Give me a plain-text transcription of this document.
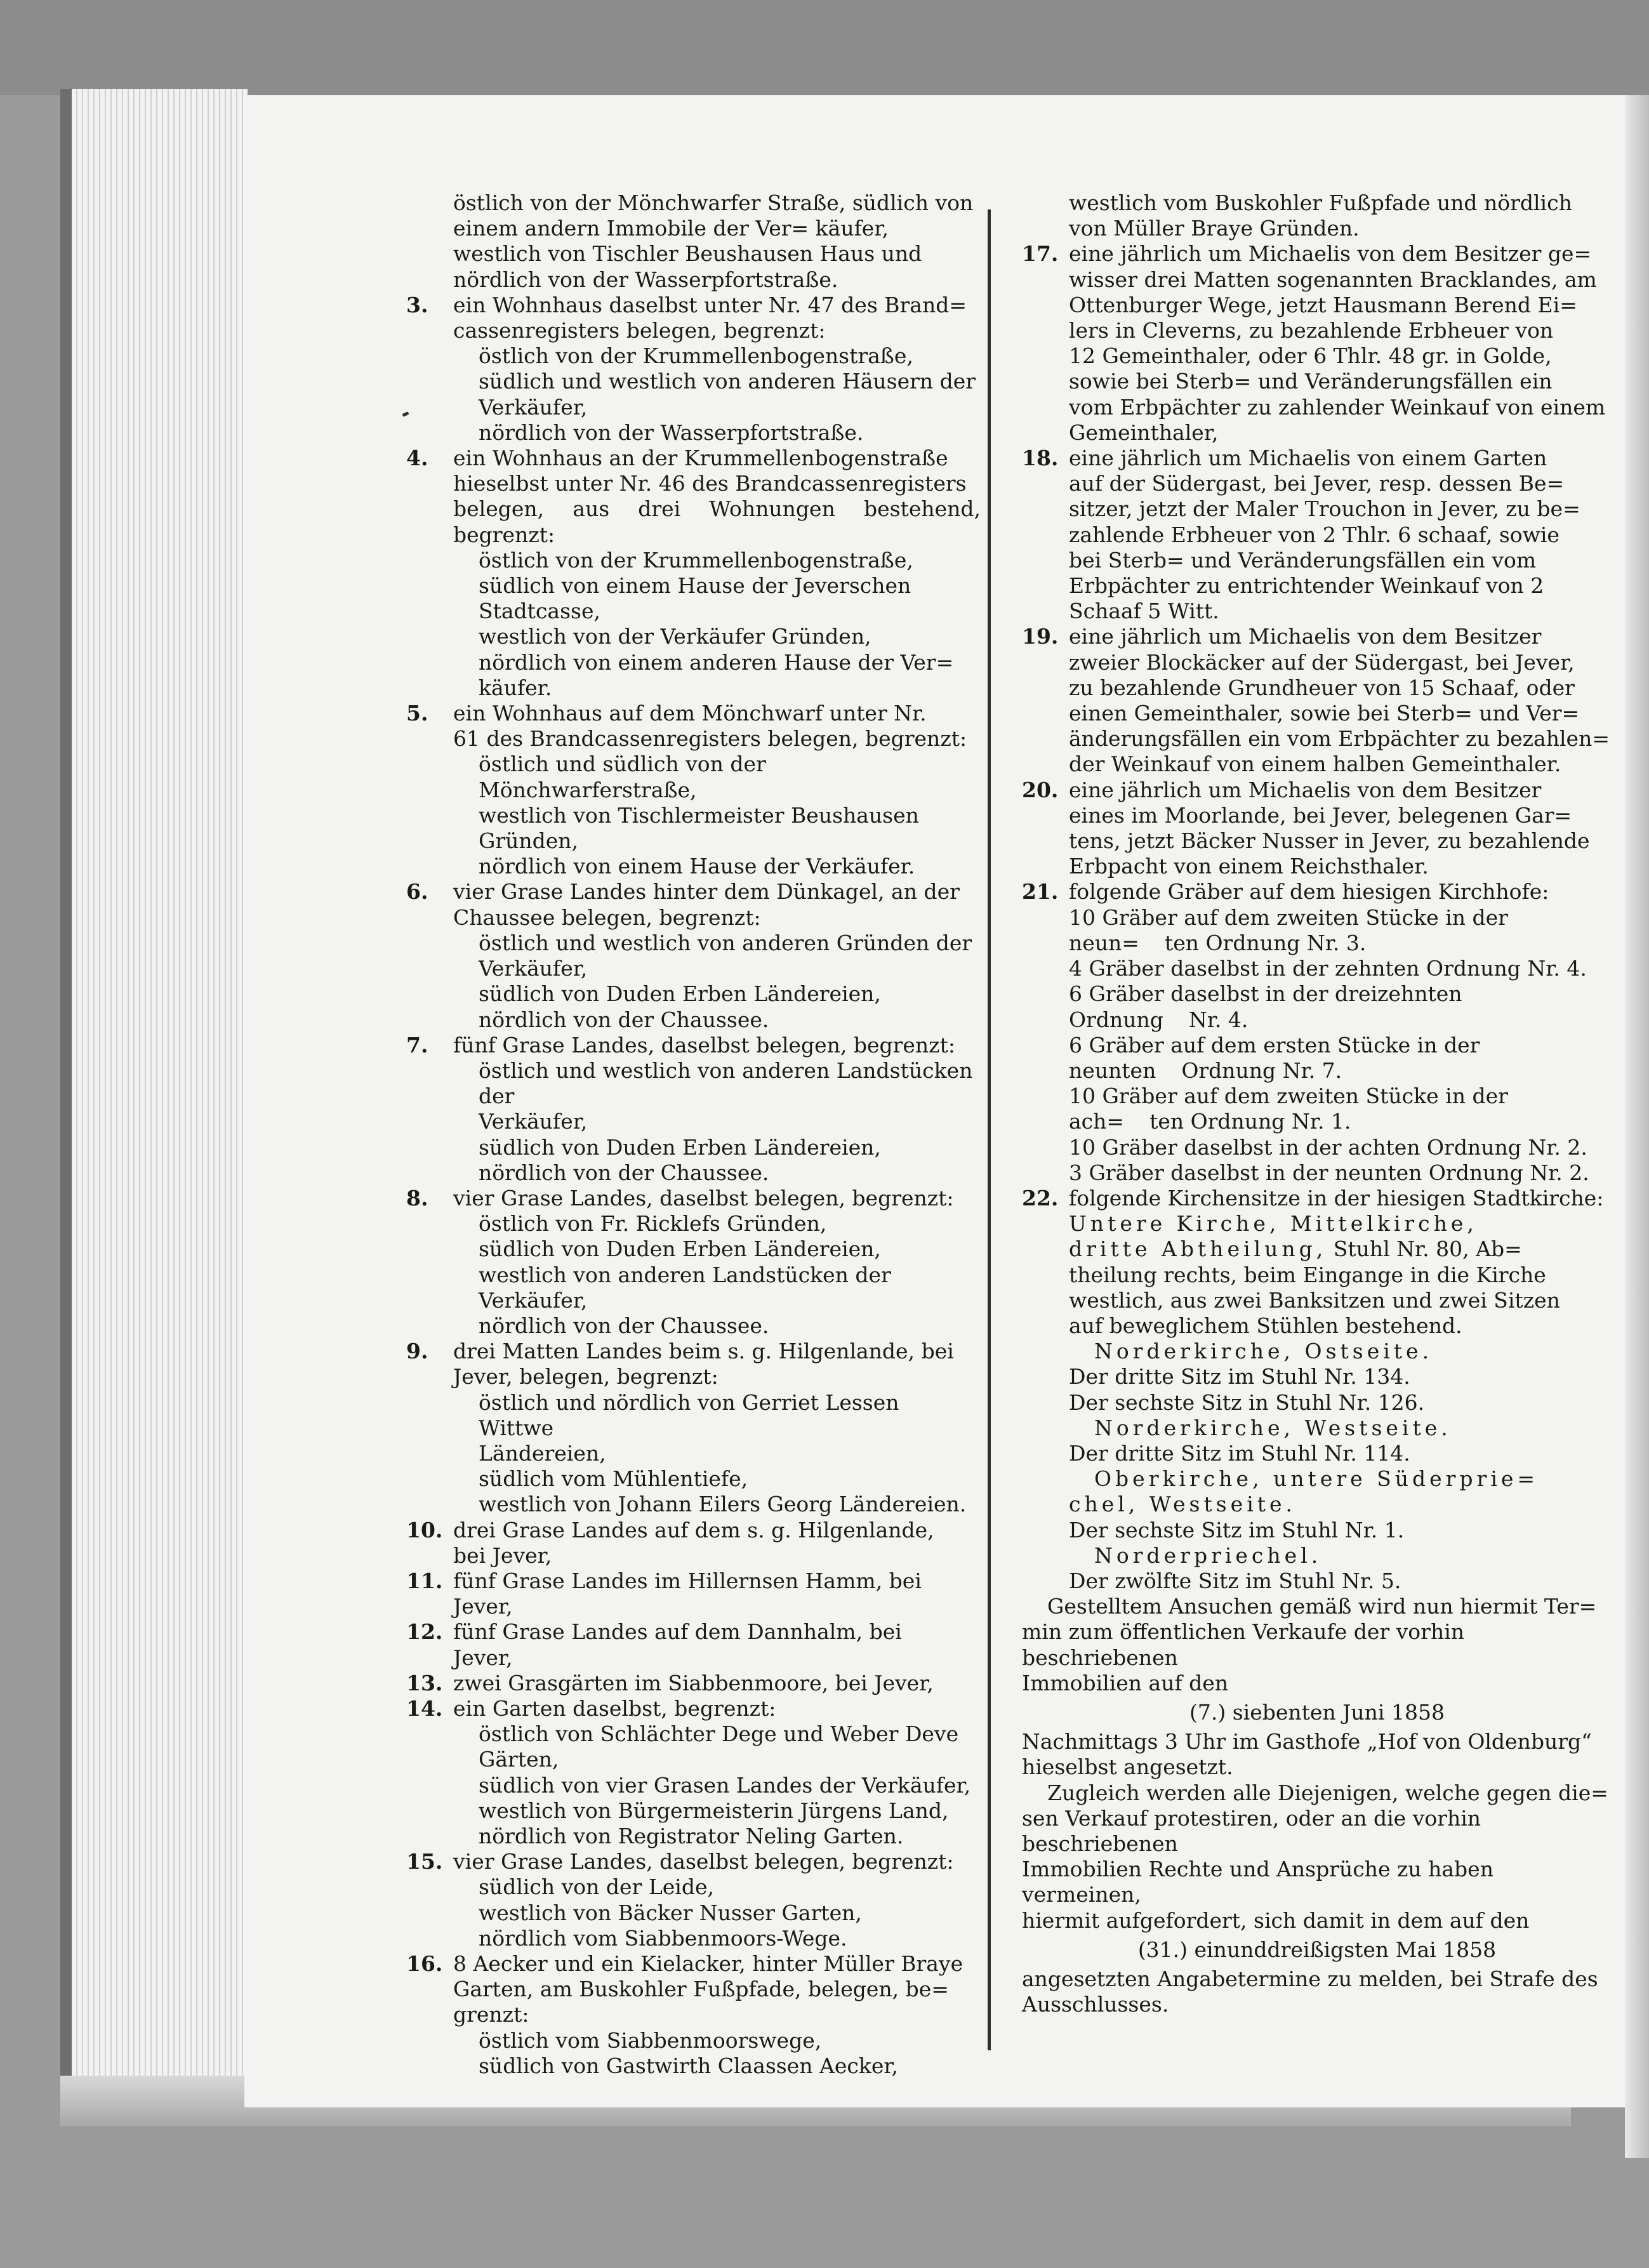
östlich von der Mönchwarfer Straße, südlich von einem andern Immobile der Ver= käufer, westlich von Tischler Beushausen Haus und nördlich von der Wasserpfortstraße.
3. ein Wohnhaus daselbst unter Nr. 47 des Brand=
cassenregisters belegen, begrenzt:
östlich von der Krummellenbogenstraße,
südlich und westlich von anderen Häusern der
Verkäufer,
nördlich von der Wasserpfortstraße.
4. ein Wohnhaus an der Krummellenbogenstraße
hieselbst unter Nr. 46 des Brandcassenregisters
belegen, aus drei Wohnungen bestehend, begrenzt:
östlich von der Krummellenbogenstraße,
südlich von einem Hause der Jeverschen
Stadtcasse,
westlich von der Verkäufer Gründen,
nördlich von einem anderen Hause der Ver=
käufer.
5. ein Wohnhaus auf dem Mönchwarf unter Nr.
61 des Brandcassenregisters belegen, begrenzt:
östlich und südlich von der Mönchwarferstraße,
westlich von Tischlermeister Beushausen Gründen,
nördlich von einem Hause der Verkäufer.
6. vier Grase Landes hinter dem Dünkagel, an der
Chaussee belegen, begrenzt:
östlich und westlich von anderen Gründen der
Verkäufer,
südlich von Duden Erben Ländereien,
nördlich von der Chaussee.
7. fünf Grase Landes, daselbst belegen, begrenzt:
östlich und westlich von anderen Landstücken der
Verkäufer,
südlich von Duden Erben Ländereien,
nördlich von der Chaussee.
8. vier Grase Landes, daselbst belegen, begrenzt:
östlich von Fr. Ricklefs Gründen,
südlich von Duden Erben Ländereien,
westlich von anderen Landstücken der Verkäufer,
nördlich von der Chaussee.
9. drei Matten Landes beim s. g. Hilgenlande, bei
Jever, belegen, begrenzt:
östlich und nördlich von Gerriet Lessen Wittwe
Ländereien,
südlich vom Mühlentiefe,
westlich von Johann Eilers Georg Ländereien.
10. drei Grase Landes auf dem s. g. Hilgenlande,
bei Jever,
11. fünf Grase Landes im Hillernsen Hamm, bei
Jever,
12. fünf Grase Landes auf dem Dannhalm, bei
Jever,
13. zwei Grasgärten im Siabbenmoore, bei Jever,
14. ein Garten daselbst, begrenzt:
östlich von Schlächter Dege und Weber Deve
Gärten,
südlich von vier Grasen Landes der Verkäufer,
westlich von Bürgermeisterin Jürgens Land,
nördlich von Registrator Neling Garten.
15. vier Grase Landes, daselbst belegen, begrenzt:
südlich von der Leide,
westlich von Bäcker Nusser Garten,
nördlich vom Siabbenmoors-Wege.
16. 8 Aecker und ein Kielacker, hinter Müller Braye
Garten, am Buskohler Fußpfade, belegen, be=
grenzt:
östlich vom Siabbenmoorswege,
südlich von Gastwirth Claassen Aecker,
westlich vom Buskohler Fußpfade und nördlich von Müller Braye Gründen.
17. eine jährlich um Michaelis von dem Besitzer ge=
wisser drei Matten sogenannten Bracklandes, am
Ottenburger Wege, jetzt Hausmann Berend Ei=
lers in Cleverns, zu bezahlende Erbheuer von
12 Gemeinthaler, oder 6 Thlr. 48 gr. in Golde,
sowie bei Sterb= und Veränderungsfällen ein
vom Erbpächter zu zahlender Weinkauf von einem
Gemeinthaler,
18. eine jährlich um Michaelis von einem Garten
auf der Südergast, bei Jever, resp. dessen Be=
sitzer, jetzt der Maler Trouchon in Jever, zu be=
zahlende Erbheuer von 2 Thlr. 6 schaaf, sowie
bei Sterb= und Veränderungsfällen ein vom
Erbpächter zu entrichtender Weinkauf von 2
Schaaf 5 Witt.
19. eine jährlich um Michaelis von dem Besitzer
zweier Blockäcker auf der Südergast, bei Jever,
zu bezahlende Grundheuer von 15 Schaaf, oder
einen Gemeinthaler, sowie bei Sterb= und Ver=
änderungsfällen ein vom Erbpächter zu bezahlen=
der Weinkauf von einem halben Gemeinthaler.
20. eine jährlich um Michaelis von dem Besitzer
eines im Moorlande, bei Jever, belegenen Gar=
tens, jetzt Bäcker Nusser in Jever, zu bezahlende
Erbpacht von einem Reichsthaler.
21. folgende Gräber auf dem hiesigen Kirchhofe:
10 Gräber auf dem zweiten Stücke in der neun= ten Ordnung Nr. 3.
4 Gräber daselbst in der zehnten Ordnung Nr. 4.
6 Gräber daselbst in der dreizehnten Ordnung Nr. 4.
6 Gräber auf dem ersten Stücke in der neunten Ordnung Nr. 7.
10 Gräber auf dem zweiten Stücke in der ach= ten Ordnung Nr. 1.
10 Gräber daselbst in der achten Ordnung Nr. 2.
3 Gräber daselbst in der neunten Ordnung Nr. 2.
22. folgende Kirchensitze in der hiesigen Stadtkirche:
Untere Kirche, Mittelkirche,
dritte Abtheilung, Stuhl Nr. 80, Ab=
theilung rechts, beim Eingange in die Kirche
westlich, aus zwei Banksitzen und zwei Sitzen
auf beweglichem Stühlen bestehend.
Norderkirche, Ostseite.
Der dritte Sitz im Stuhl Nr. 134.
Der sechste Sitz in Stuhl Nr. 126.
Norderkirche, Westseite.
Der dritte Sitz im Stuhl Nr. 114.
Oberkirche, untere Süderprie=
chel, Westseite.
Der sechste Sitz im Stuhl Nr. 1.
Norderpriechel.
Der zwölfte Sitz im Stuhl Nr. 5.
Gestelltem Ansuchen gemäß wird nun hiermit Ter=
min zum öffentlichen Verkaufe der vorhin beschriebenen
Immobilien auf den
(7.) siebenten Juni 1858
Nachmittags 3 Uhr im Gasthofe „Hof von Oldenburg“
hieselbst angesetzt.
Zugleich werden alle Diejenigen, welche gegen die=
sen Verkauf protestiren, oder an die vorhin beschriebenen
Immobilien Rechte und Ansprüche zu haben vermeinen,
hiermit aufgefordert, sich damit in dem auf den
(31.) einunddreißigsten Mai 1858
angesetzten Angabetermine zu melden, bei Strafe des
Ausschlusses.
